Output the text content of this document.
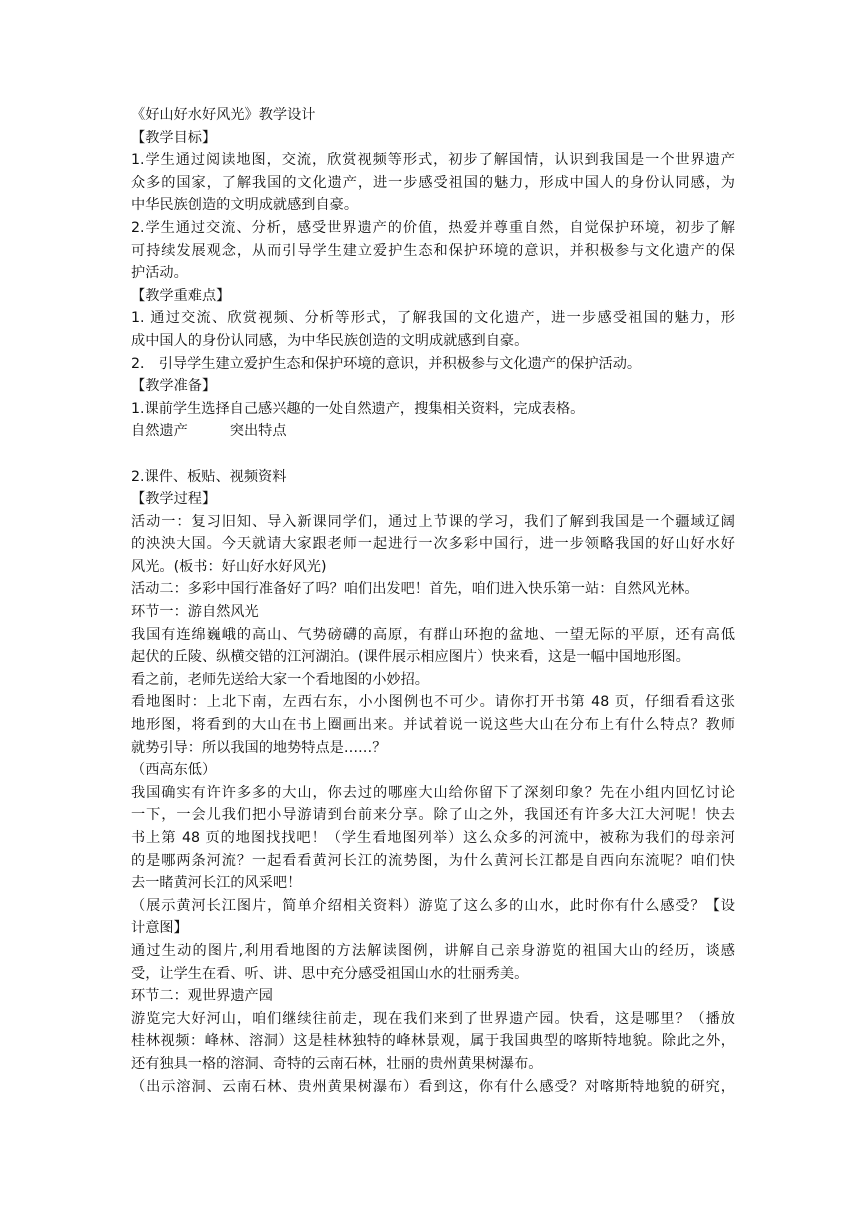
《好山好水好风光》教学设计
【教学目标】
1.学生通过阅读地图，交流，欣赏视频等形式，初步了解国情，认识到我国是一个世界遗产
众多的国家，了解我国的文化遗产，进一步感受祖国的魅力，形成中国人的身份认同感，为
中华民族创造的文明成就感到自豪。
2.学生通过交流、分析，感受世界遗产的价值，热爱并尊重自然，自觉保护环境，初步了解
可持续发展观念，从而引导学生建立爱护生态和保护环境的意识，并积极参与文化遗产的保
护活动。
【教学重难点】
1. 通过交流、欣赏视频、分析等形式，了解我国的文化遗产，进一步感受祖国的魅力，形
成中国人的身份认同感，为中华民族创造的文明成就感到自豪。
2． 引导学生建立爱护生态和保护环境的意识，并积极参与文化遗产的保护活动。
【教学准备】
1.课前学生选择自己感兴趣的一处自然遗产，搜集相关资料，完成表格。
自然遗产	突出特点
2.课件、板贴、视频资料
【教学过程】
活动一：复习旧知、导入新课同学们，通过上节课的学习，我们了解到我国是一个疆域辽阔
的泱泱大国。今天就请大家跟老师一起进行一次多彩中国行，进一步领略我国的好山好水好
风光。(板书：好山好水好风光)
活动二：多彩中国行准备好了吗？咱们出发吧！首先，咱们进入快乐第一站：自然风光林。
环节一：游自然风光
我国有连绵巍峨的高山、气势磅礴的高原，有群山环抱的盆地、一望无际的平原，还有高低
起伏的丘陵、纵横交错的江河湖泊。(课件展示相应图片）快来看，这是一幅中国地形图。
看之前，老师先送给大家一个看地图的小妙招。
看地图时：上北下南，左西右东，小小图例也不可少。请你打开书第 48 页，仔细看看这张
地形图，将看到的大山在书上圈画出来。并试着说一说这些大山在分布上有什么特点？教师
就势引导：所以我国的地势特点是……？
（西高东低）
我国确实有许许多多的大山，你去过的哪座大山给你留下了深刻印象？先在小组内回忆讨论
一下，一会儿我们把小导游请到台前来分享。除了山之外，我国还有许多大江大河呢！快去
书上第 48 页的地图找找吧！（学生看地图列举）这么众多的河流中，被称为我们的母亲河
的是哪两条河流？一起看看黄河长江的流势图，为什么黄河长江都是自西向东流呢？咱们快
去一睹黄河长江的风采吧！
（展示黄河长江图片，简单介绍相关资料）游览了这么多的山水，此时你有什么感受？【设
计意图】
通过生动的图片,利用看地图的方法解读图例，讲解自己亲身游览的祖国大山的经历，谈感
受，让学生在看、听、讲、思中充分感受祖国山水的壮丽秀美。
环节二：观世界遗产园
游览完大好河山，咱们继续往前走，现在我们来到了世界遗产园。快看，这是哪里？（播放
桂林视频：峰林、溶洞）这是桂林独特的峰林景观，属于我国典型的喀斯特地貌。除此之外，
还有独具一格的溶洞、奇特的云南石林，壮丽的贵州黄果树瀑布。
（出示溶洞、云南石林、贵州黄果树瀑布）看到这，你有什么感受？对喀斯特地貌的研究，
